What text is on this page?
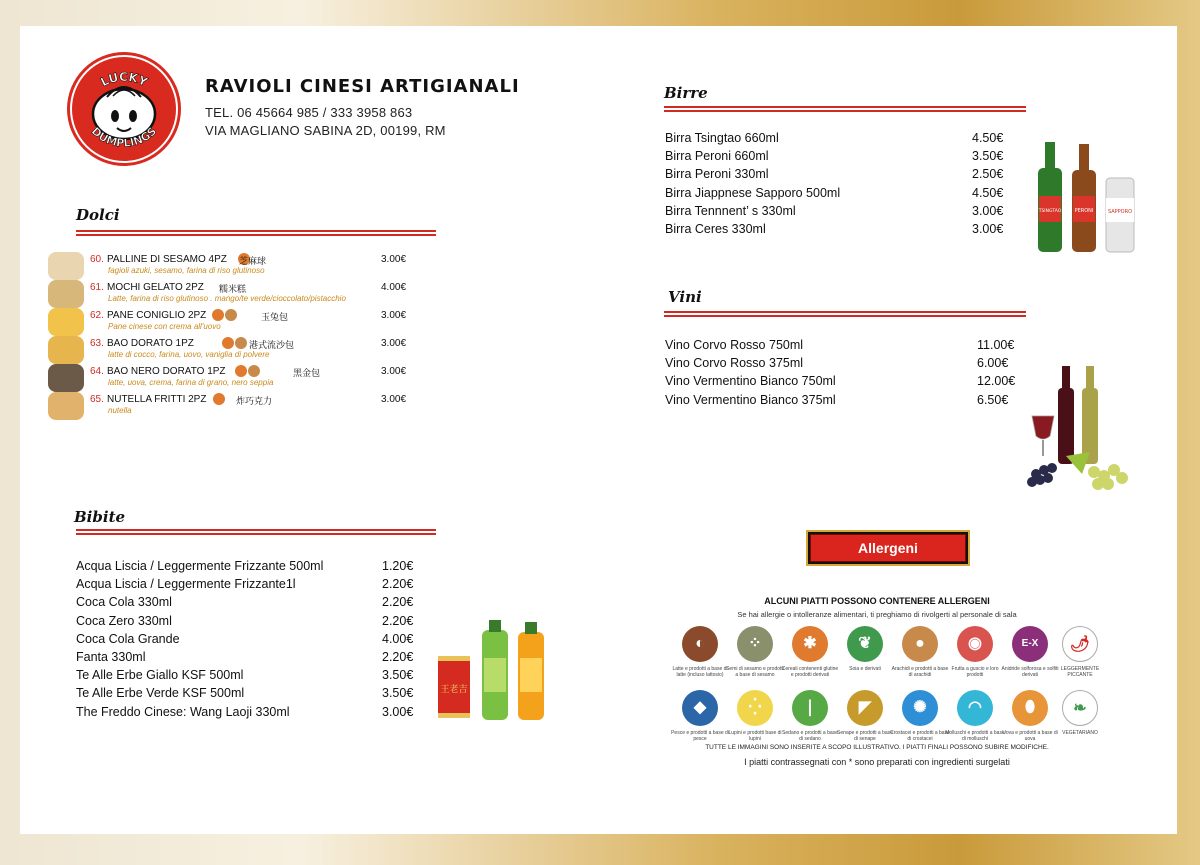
LUCKY
DUMPLINGS
RAVIOLI CINESI ARTIGIANALI
TEL. 06 45664 985 / 333 3958 863
VIA MAGLIANO SABINA 2D, 00199, RM
Dolci
60. PALLINE DI SESAMO 4PZ 芝麻球
fagioli azuki, sesamo, farina di riso glutinoso
3.00€
61. MOCHI GELATO 2PZ 糯米糕
Latte, farina di riso glutinoso . mango/te verde/cioccolato/pistacchio
4.00€
62. PANE CONIGLIO 2PZ	玉兔包
Pane cinese con crema all'uovo
3.00€
63. BAO DORATO 1PZ	港式流沙包
latte di cocco, farina, uovo, vaniglia di polvere
3.00€
64. BAO NERO DORATO 1PZ	黑金包
latte, uova, crema, farina di grano, nero seppia
3.00€
65. NUTELLA FRITTI 2PZ	炸巧克力
nutella
3.00€
Bibite
Acqua Liscia / Leggermente Frizzante 500ml	1.20€
Acqua Liscia / Leggermente Frizzante1l	2.20€
Coca Cola 330ml	2.20€
Coca Zero 330ml	2.20€
Coca Cola Grande	4.00€
Fanta 330ml	2.20€
Te Alle Erbe Giallo KSF 500ml	3.50€
Te Alle Erbe Verde KSF 500ml	3.50€
The Freddo Cinese: Wang Laoji 330ml	3.00€
王老吉
Birre
Birra Tsingtao 660ml	4.50€
Birra Peroni 660ml	3.50€
Birra Peroni 330ml	2.50€
Birra Jiappnese Sapporo 500ml	4.50€
Birra Tennnent’ s 330ml	3.00€
Birra Ceres 330ml	3.00€
TSINGTAO	PERONI	SAPPORO
Vini
Vino Corvo Rosso 750ml	11.00€
Vino Corvo Rosso 375ml	6.00€
Vino Vermentino Bianco 750ml	12.00€
Vino Vermentino Bianco 375ml	6.50€
Allergeni
ALCUNI PIATTI POSSONO CONTENERE ALLERGENI
Se hai allergie o intolleranze alimentari, ti preghiamo di rivolgerti al personale di sala
◐
Latte e prodotti a base di latte (incluso lattosio)
⁘
Semi di sesamo e prodotti a base di sesamo
✱
Cereali contenenti glutine e prodotti derivati
❦
Soia e derivati
●
Arachidi e prodotti a base di arachidi
◉
Frutta a guscio e loro prodotti
E-X
Anidride solforosa e solfiti derivati
🌶
LEGGERMENTE PICCANTE
◆
Pesce e prodotti a base di pesce
⁛
Lupini e prodotti base di lupini
❘
Sedano e prodotti a base di sedano
◤
Senape e prodotti a base di senape
✺
Crostacei e prodotti a base di crostacei
◠
Molluschi e prodotti a base di molluschi
⬮
Uova e prodotti a base di uova
❧
VEGETARIANO
TUTTE LE IMMAGINI SONO INSERITE A SCOPO ILLUSTRATIVO. I PIATTI FINALI POSSONO SUBIRE MODIFICHE.
I piatti contrassegnati con * sono preparati con ingredienti surgelati
